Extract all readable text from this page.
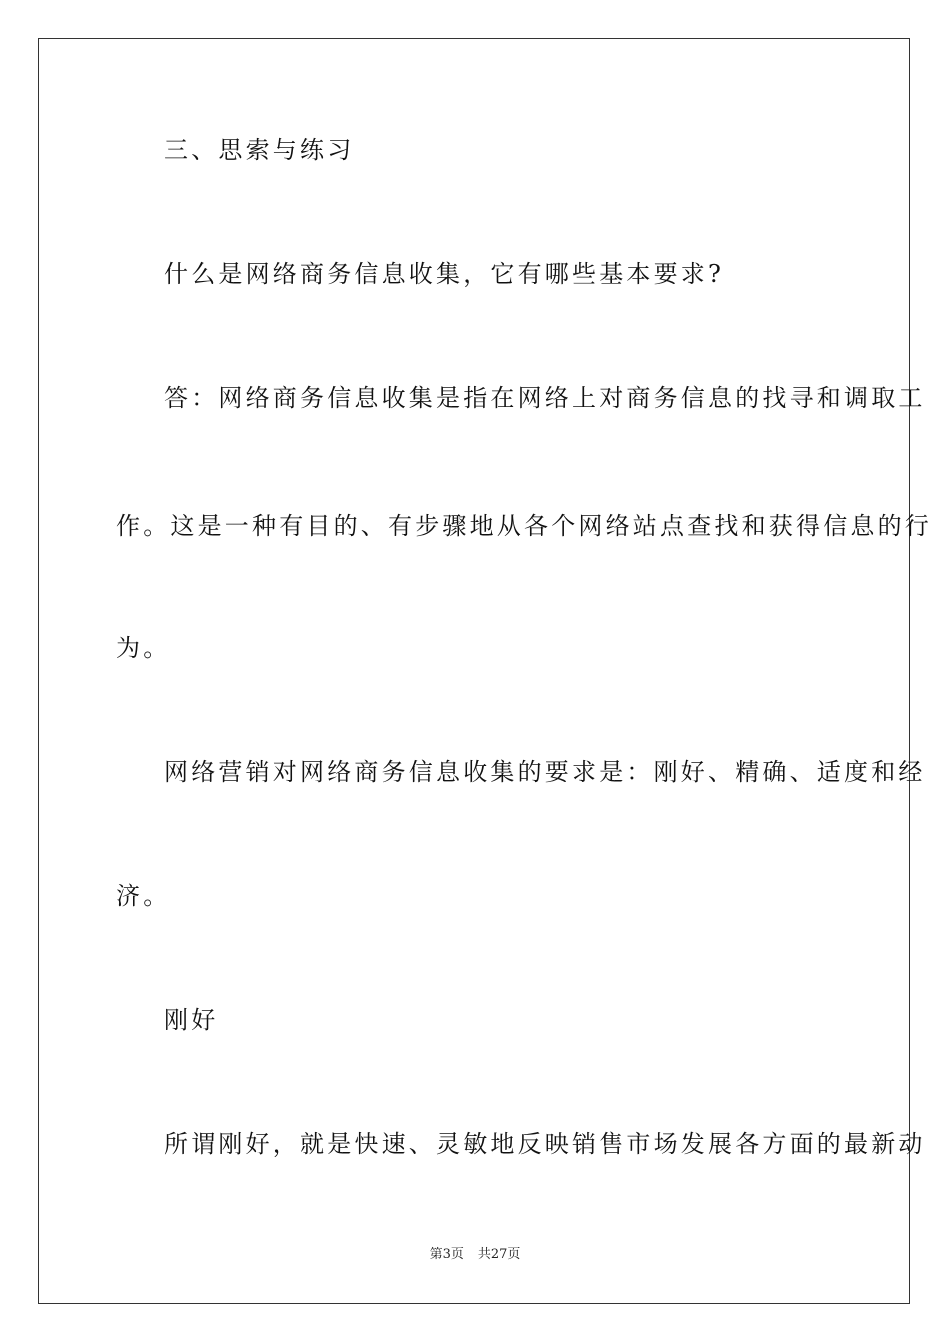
三、思索与练习
什么是网络商务信息收集，它有哪些基本要求?
答：网络商务信息收集是指在网络上对商务信息的找寻和调取工
作。这是一种有目的、有步骤地从各个网络站点查找和获得信息的行
为。
网络营销对网络商务信息收集的要求是：刚好、精确、适度和经
济。
刚好
所谓刚好，就是快速、灵敏地反映销售市场发展各方面的最新动
第3页 共27页
